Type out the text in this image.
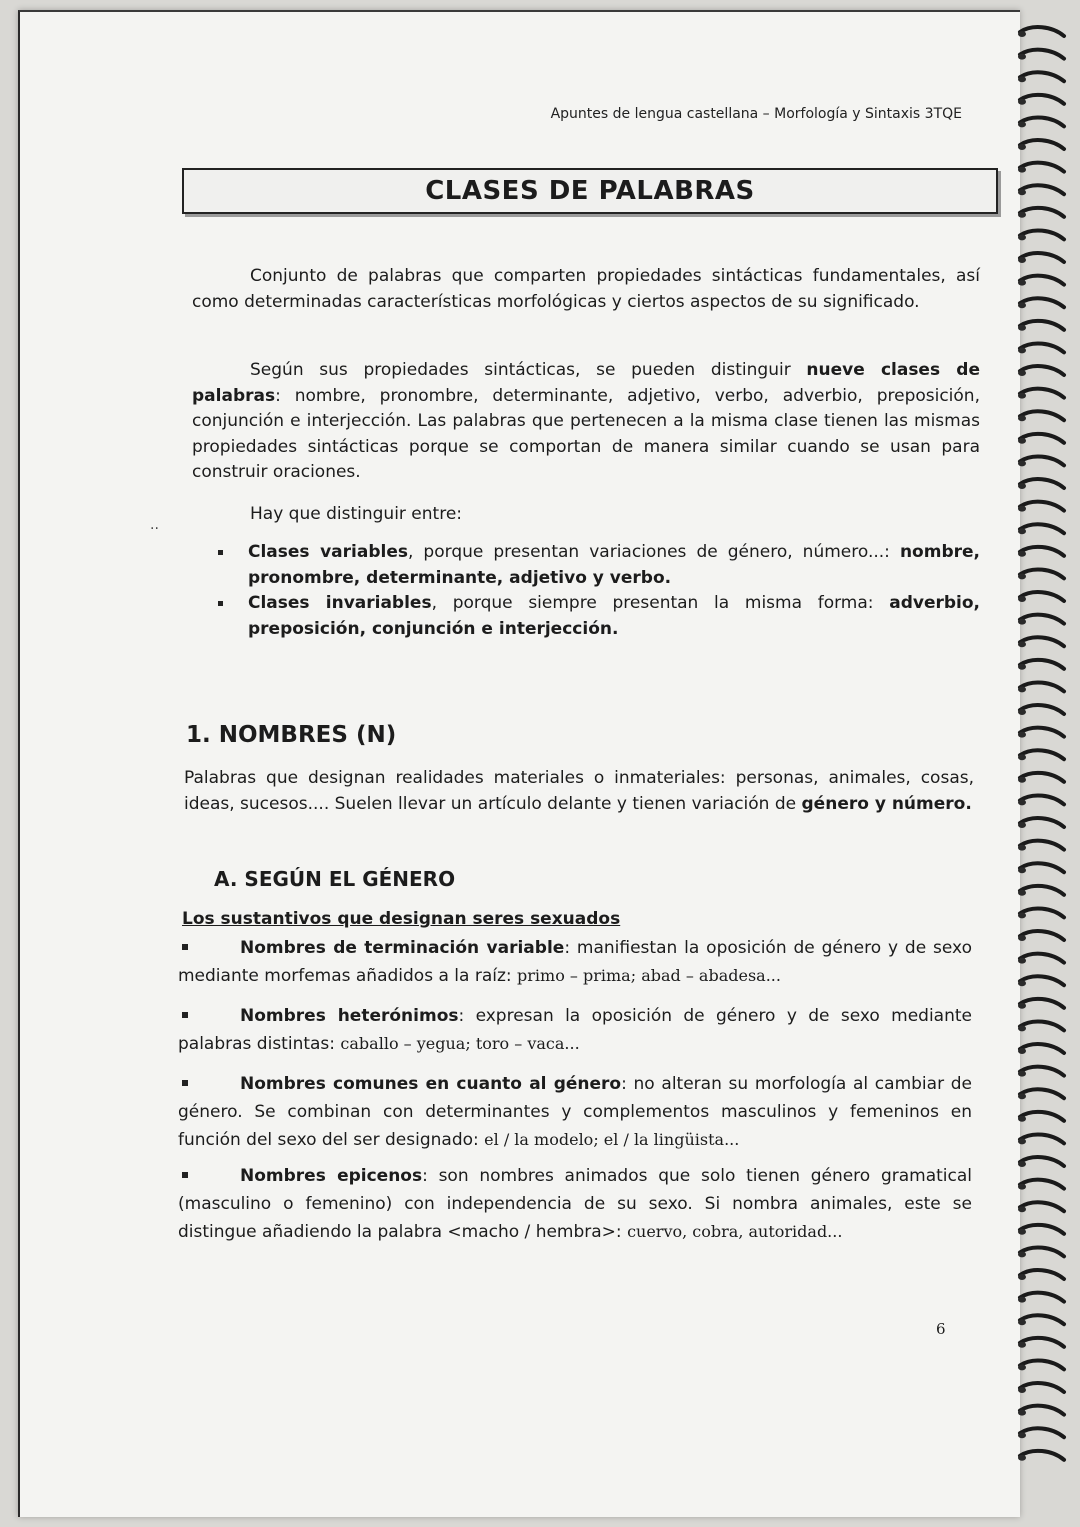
Apuntes de lengua castellana – Morfología y Sintaxis 3TQE
CLASES DE PALABRAS

Conjunto de palabras que comparten propiedades sintácticas fundamentales, así como determinadas características morfológicas y ciertos aspectos de su significado.

Según sus propiedades sintácticas, se pueden distinguir nueve clases de palabras: nombre, pronombre, determinante, adjetivo, verbo, adverbio, preposición, conjunción e interjección. Las palabras que pertenecen a la misma clase tienen las mismas propiedades sintácticas porque se comportan de manera similar cuando se usan para construir oraciones.

..

Hay que distinguir entre:

Clases variables, porque presentan variaciones de género, número...: nombre, pronombre, determinante, adjetivo y verbo.
Clases invariables, porque siempre presentan la misma forma: adverbio, preposición, conjunción e interjección.
1. NOMBRES (N)

Palabras que designan realidades materiales o inmateriales: personas, animales, cosas, ideas, sucesos.... Suelen llevar un artículo delante y tienen variación de género y número.

A. SEGÚN EL GÉNERO

Los sustantivos que designan seres sexuados

Nombres de terminación variable: manifiestan la oposición de género y de sexo mediante morfemas añadidos a la raíz: primo – prima; abad – abadesa...

Nombres heterónimos: expresan la oposición de género y de sexo mediante palabras distintas: caballo – yegua; toro – vaca...

Nombres comunes en cuanto al género: no alteran su morfología al cambiar de género. Se combinan con determinantes y complementos masculinos y femeninos en función del sexo del ser designado: el / la modelo; el / la lingüista...

Nombres epicenos: son nombres animados que solo tienen género gramatical (masculino o femenino) con independencia de su sexo. Si nombra animales, este se distingue añadiendo la palabra <macho / hembra>: cuervo, cobra, autoridad...

6
